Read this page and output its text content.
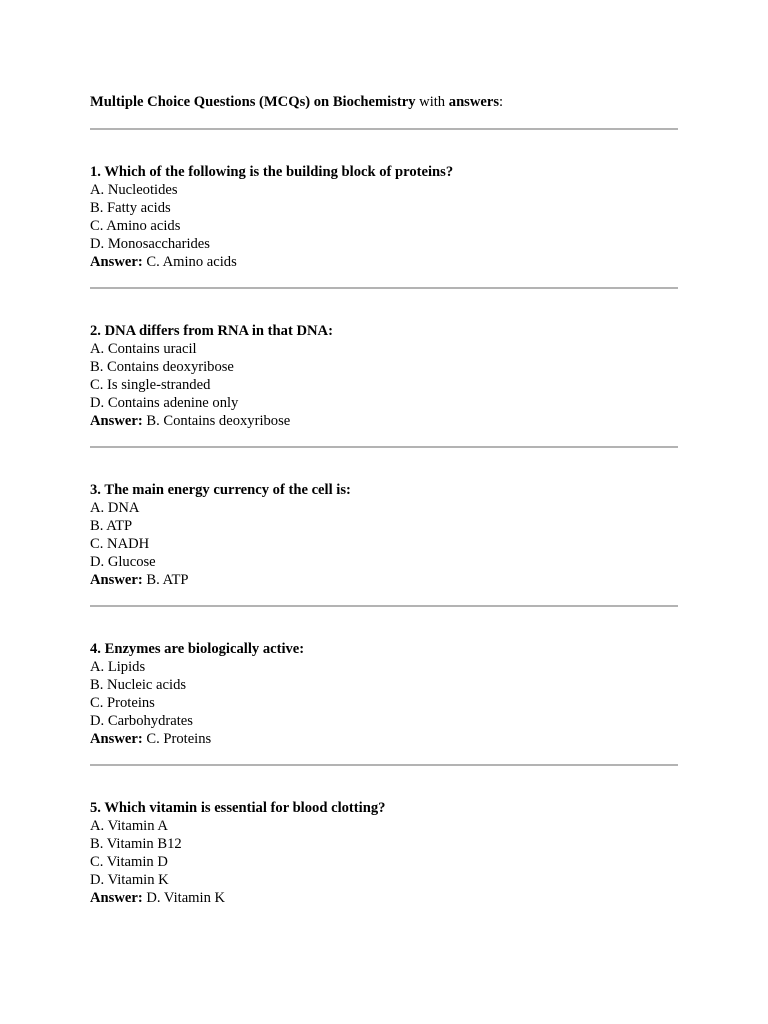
Multiple Choice Questions (MCQs) on Biochemistry with answers:

1. Which of the following is the building block of proteins?

A. Nucleotides

B. Fatty acids

C. Amino acids

D. Monosaccharides

Answer: C. Amino acids

2. DNA differs from RNA in that DNA:

A. Contains uracil

B. Contains deoxyribose

C. Is single-stranded

D. Contains adenine only

Answer: B. Contains deoxyribose

3. The main energy currency of the cell is:

A. DNA

B. ATP

C. NADH

D. Glucose

Answer: B. ATP

4. Enzymes are biologically active:

A. Lipids

B. Nucleic acids

C. Proteins

D. Carbohydrates

Answer: C. Proteins

5. Which vitamin is essential for blood clotting?

A. Vitamin A

B. Vitamin B12

C. Vitamin D

D. Vitamin K

Answer: D. Vitamin K
